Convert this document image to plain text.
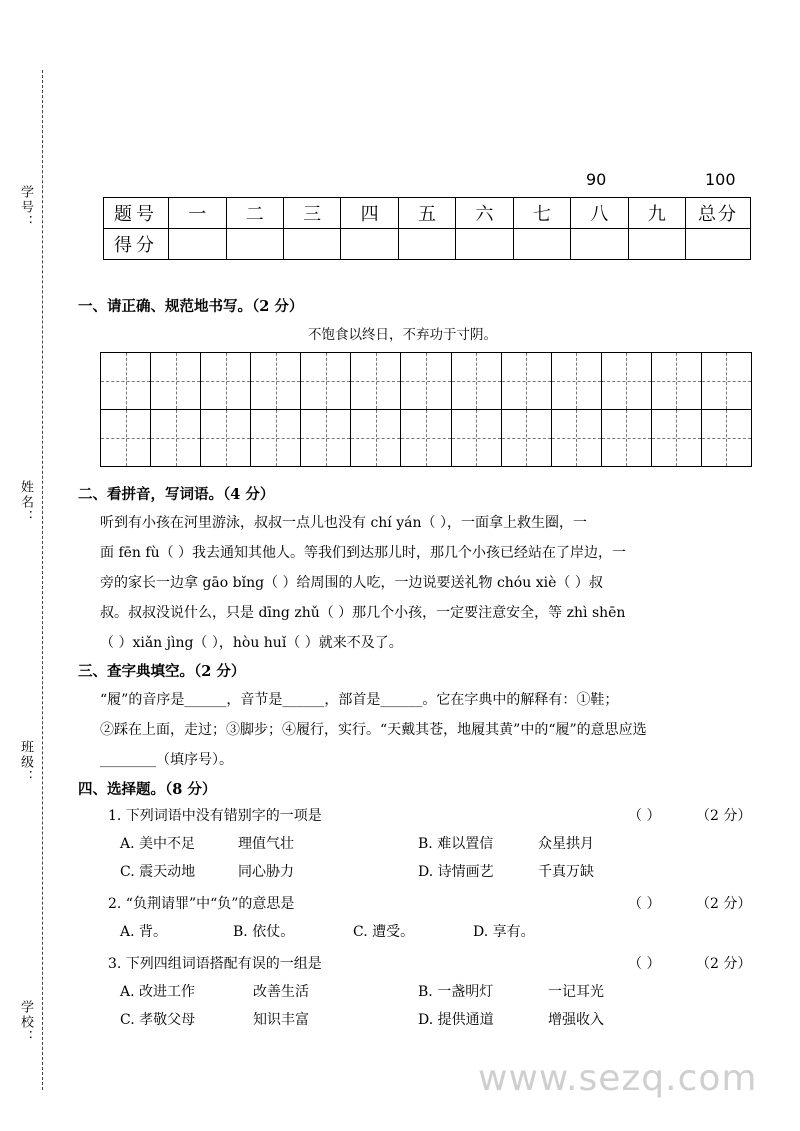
学号：
姓名：
班级：
学校：
90	100
题号	一	二	三	四	五	六	七	八	九	总分
得分										
一、请正确、规范地书写。（2 分）
不饱食以终日，不弃功于寸阴。
二、看拼音，写词语。（4 分）
听到有小孩在河里游泳，叔叔一点儿也没有 chí yán（ ），一面拿上救生圈，一
面 fēn fù（ ）我去通知其他人。等我们到达那儿时，那几个小孩已经站在了岸边，一
旁的家长一边拿 gāo bǐng（ ）给周围的人吃，一边说要送礼物 chóu xiè（ ）叔
叔。叔叔没说什么，只是 dīng zhǔ（ ）那几个小孩，一定要注意安全，等 zhì shēn
（ ）xiǎn jìng（ ），hòu huǐ（ ）就来不及了。
三、查字典填空。（2 分）
“履”的音序是______，音节是______，部首是______。它在字典中的解释有：①鞋；
②踩在上面，走过；③脚步；④履行，实行。“天戴其苍，地履其黄”中的“履”的意思应选
________（填序号）。
四、选择题。（8 分）
1. 下列词语中没有错别字的一项是	（ ）	（2 分）
A. 美中不足	理值气壮	B. 难以置信	众星拱月
C. 震天动地	同心胁力	D. 诗情画艺	千真万缺
2. “负荆请罪”中“负”的意思是	（ ）	（2 分）
A. 背。	B. 依仗。	C. 遭受。	D. 享有。
3. 下列四组词语搭配有误的一组是	（ ）	（2 分）
A. 改进工作	改善生活	B. 一盏明灯	一记耳光
C. 孝敬父母	知识丰富	D. 提供通道	增强收入
www.sezq.com
